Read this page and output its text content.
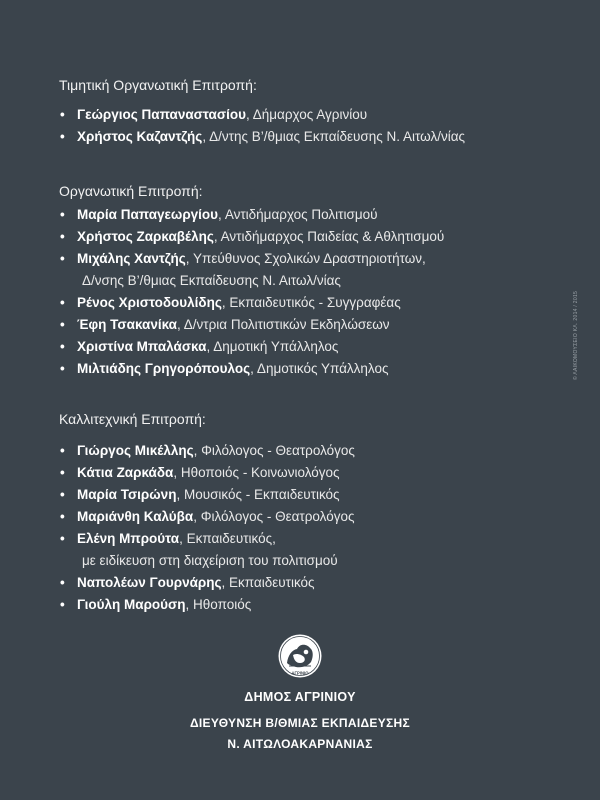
Τιμητική Οργανωτική Επιτροπή:

• Γεώργιος Παπαναστασίου, Δήμαρχος Αγρινίου
• Χρήστος Καζαντζής, Δ/ντης Β’/θμιας Εκπαίδευσης Ν. Αιτωλ/νίας

Οργανωτική Επιτροπή:

• Μαρία Παπαγεωργίου, Αντιδήμαρχος Πολιτισμού
• Χρήστος Ζαρκαβέλης, Αντιδήμαρχος Παιδείας & Αθλητισμού
• Μιχάλης Χαντζής, Υπεύθυνος Σχολικών Δραστηριοτήτων,
Δ/νσης Β’/θμιας Εκπαίδευσης Ν. Αιτωλ/νίας
• Ρένος Χριστοδουλίδης, Εκπαιδευτικός - Συγγραφέας
• Έφη Τσακανίκα, Δ/ντρια Πολιτιστικών Εκδηλώσεων
• Χριστίνα Μπαλάσκα, Δημοτική Υπάλληλος
• Μιλτιάδης Γρηγορόπουλος, Δημοτικός Υπάλληλος

Καλλιτεχνική Επιτροπή:

• Γιώργος Μικέλλης, Φιλόλογος - Θεατρολόγος
• Κάτια Ζαρκάδα, Ηθοποιός - Κοινωνιολόγος
• Μαρία Τσιρώνη, Μουσικός - Εκπαιδευτικός
• Μαριάνθη Καλύβα, Φιλόλογος - Θεατρολόγος
• Ελένη Μπρούτα, Εκπαιδευτικός,
με ειδίκευση στη διαχείριση του πολιτισμού
• Ναπολέων Γουρνάρης, Εκπαιδευτικός
• Γιούλη Μαρούση, Ηθοποιός
© ΛΑΙΚΟΜΟΥΣΕΙΟ ΚΛ. 2014 / 2015
ΑΓΡΙΝΙΟ
ΔΗΜΟΣ ΑΓΡΙΝΙΟΥ
ΔΙΕΥΘΥΝΣΗ Β/ΘΜΙΑΣ ΕΚΠΑΙΔΕΥΣΗΣ
Ν. ΑΙΤΩΛΟΑΚΑΡΝΑΝΙΑΣ
